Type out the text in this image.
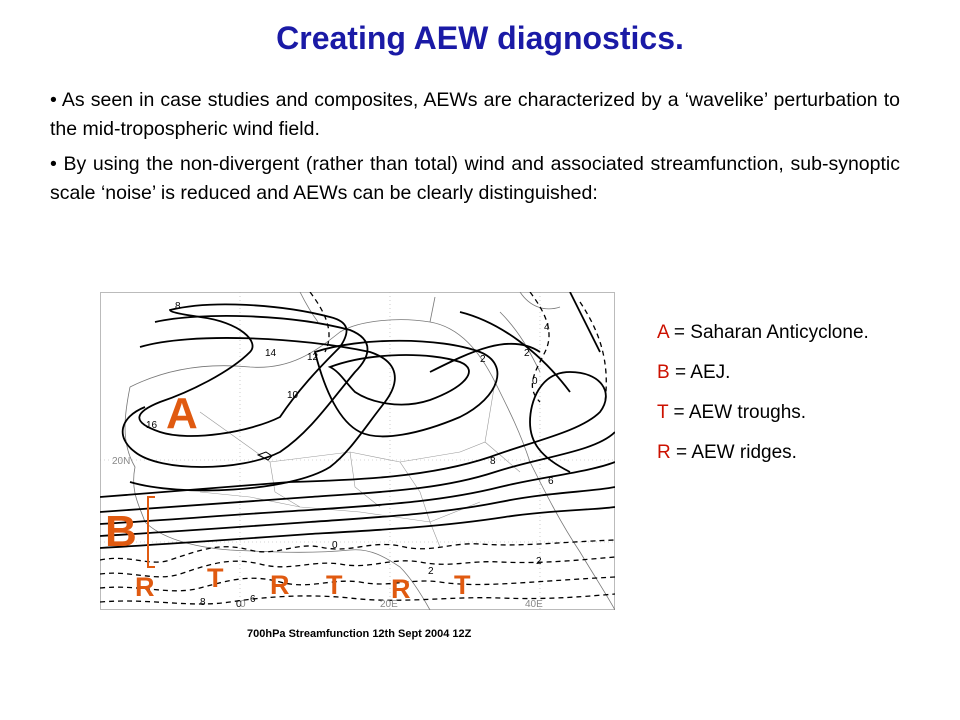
Creating AEW diagnostics.
• As seen in case studies and composites, AEWs are characterized by a ‘wavelike’ perturbation to the mid-tropospheric wind field.
• By using the non-divergent (rather than total) wind and associated streamfunction, sub-synoptic scale ‘noise’ is reduced and AEWs can be clearly distinguished:
8
14	12
10
16
4
2
0
8
6
0
2
8	6
0
2
2
20N
0	20E	40E
A
B
R T R T R T
700hPa Streamfunction 12th Sept 2004 12Z
A = Saharan Anticyclone.
B = AEJ.
T = AEW troughs.
R = AEW ridges.
